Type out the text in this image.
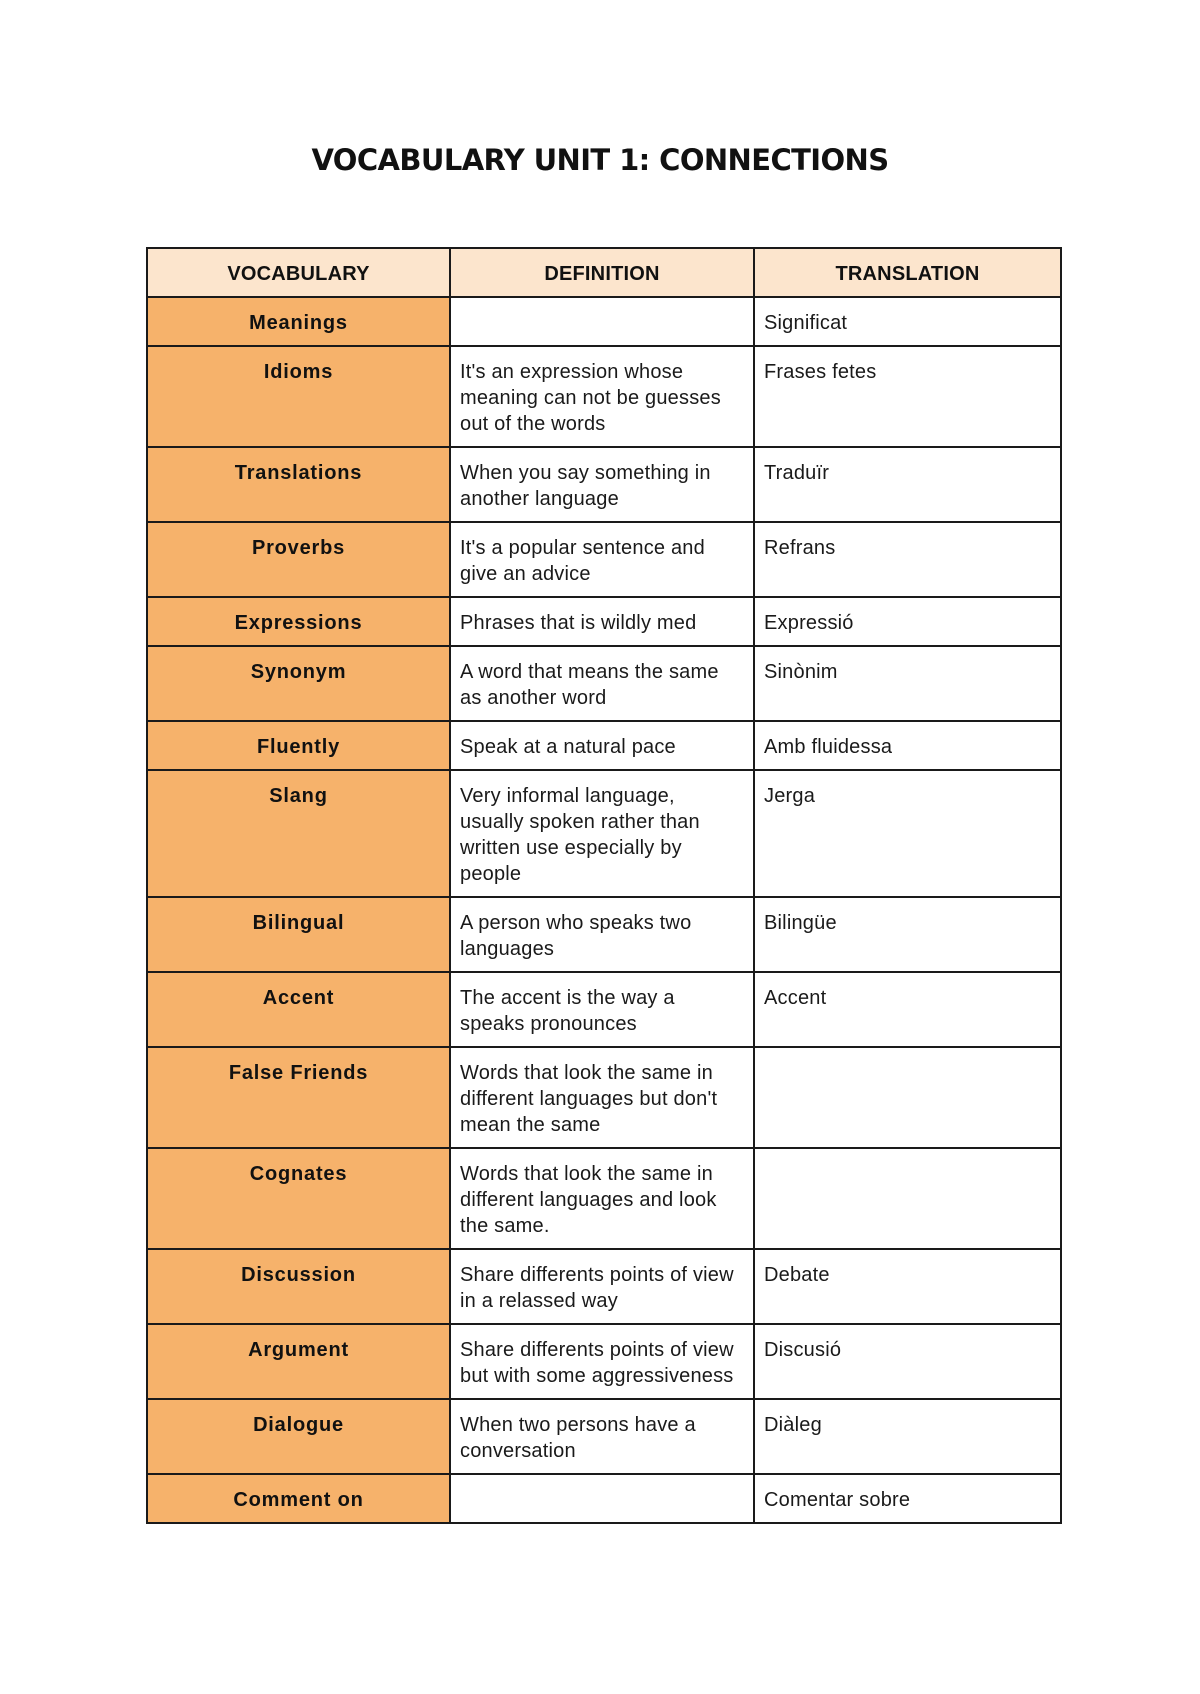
VOCABULARY UNIT 1: CONNECTIONS
VOCABULARY	DEFINITION	TRANSLATION
Meanings		Significat
Idioms	It's an expression whose meaning can not be guesses out of the words	Frases fetes
Translations	When you say something in another language	Traduïr
Proverbs	It's a popular sentence and give an advice	Refrans
Expressions	Phrases that is wildly med	Expressió
Synonym	A word that means the same as another word	Sinònim
Fluently	Speak at a natural pace	Amb fluidessa
Slang	Very informal language, usually spoken rather than written use especially by people	Jerga
Bilingual	A person who speaks two languages	Bilingüe
Accent	The accent is the way a speaks pronounces	Accent
False Friends	Words that look the same in different languages but don't mean the same	
Cognates	Words that look the same in different languages and look the same.	
Discussion	Share differents points of view in a relassed way	Debate
Argument	Share differents points of view but with some aggressiveness	Discusió
Dialogue	When two persons have a conversation	Diàleg
Comment on		Comentar sobre
